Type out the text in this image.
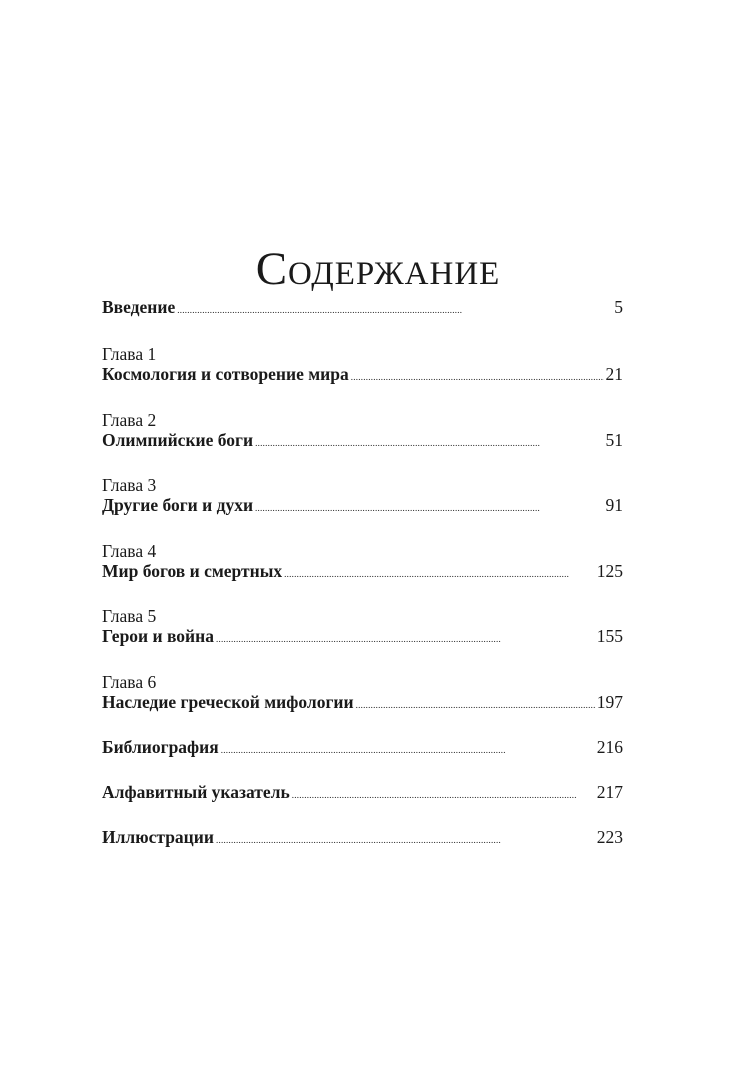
Содержание
Введение . . .	5
Глава 1
Космология и сотворение мира . . .	21
Глава 2
Олимпийские боги . . .	51
Глава 3
Другие боги и духи . . .	91
Глава 4
Мир богов и смертных . . .	125
Глава 5
Герои и война . . .	155
Глава 6
Наследие греческой мифологии . . .	197
Библиография . . .	216
Алфавитный указатель . . .	217
Иллюстрации . . .	223
